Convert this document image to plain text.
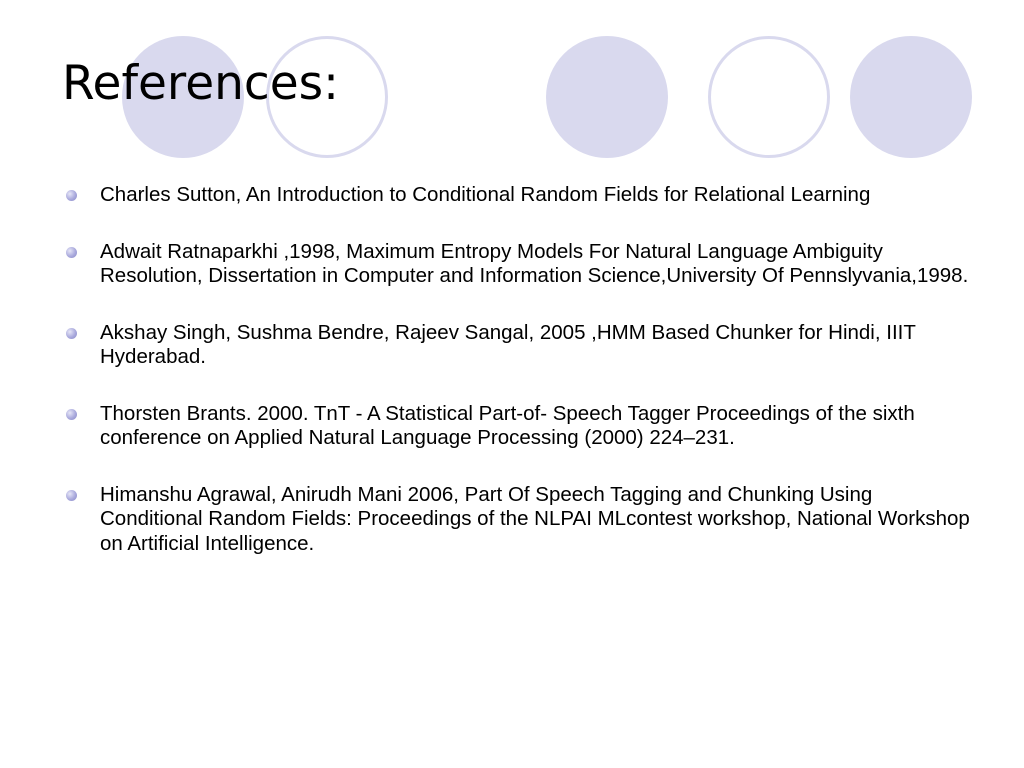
References:
Charles Sutton, An Introduction to Conditional Random Fields for Relational Learning
Adwait Ratnaparkhi ,1998, Maximum Entropy Models For Natural Language Ambiguity Resolution, Dissertation in Computer and Information Science,University Of Pennslyvania,1998.
Akshay Singh, Sushma Bendre, Rajeev Sangal, 2005 ,HMM Based Chunker for Hindi, IIIT Hyderabad.
Thorsten Brants. 2000. TnT - A Statistical Part-of- Speech Tagger Proceedings of the sixth conference on Applied Natural Language Processing (2000) 224–231.
Himanshu Agrawal, Anirudh Mani 2006, Part Of Speech Tagging and Chunking Using Conditional Random Fields: Proceedings of the NLPAI MLcontest workshop, National Workshop on Artificial Intelligence.
